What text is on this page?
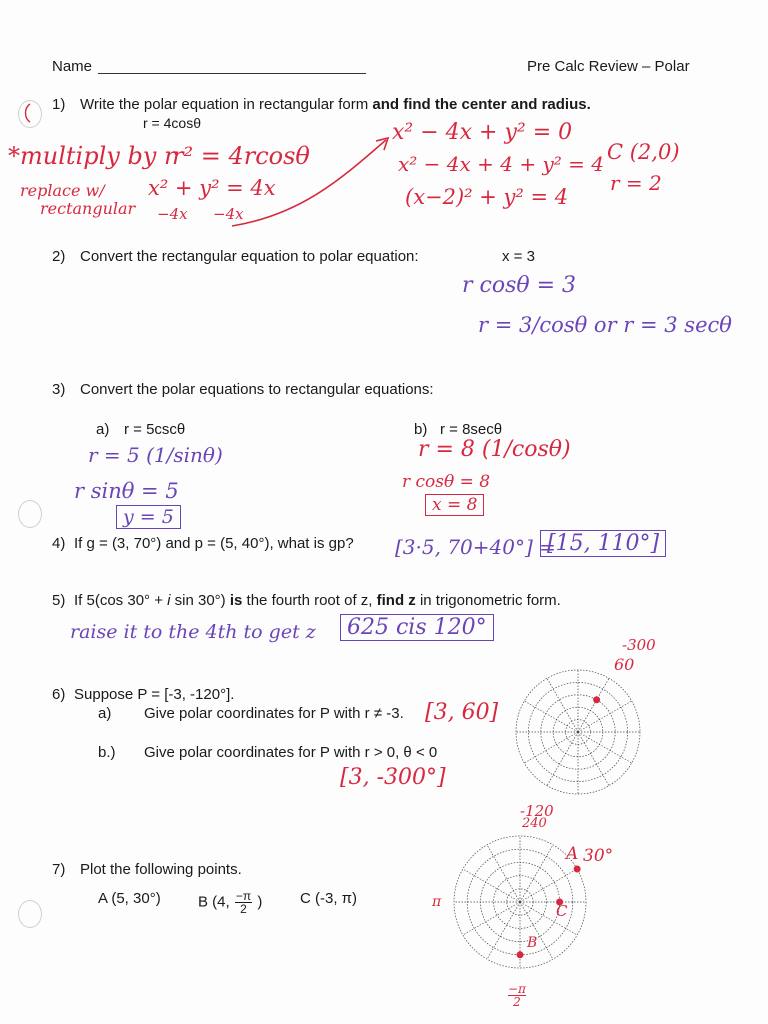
Name	Pre Calc Review – Polar
1) Write the polar equation in rectangular form and find the center and radius.
r = 4cosθ
*multiply by r
r² = 4rcosθ
replace w/
rectangular
x² + y² = 4x
−4x −4x
x² − 4x + y² = 0
x² − 4x + 4 + y² = 4
(x−2)² + y² = 4
C (2,0)
r = 2
2) Convert the rectangular equation to polar equation:	x = 3
r cosθ = 3
r = 3/cosθ or r = 3 secθ
3) Convert the polar equations to rectangular equations:
a) r = 5cscθ	b) r = 8secθ
r = 5 (1/sinθ)
r sinθ = 5
y = 5
r = 8 (1/cosθ)
r cosθ = 8
x = 8
4) If g = (3, 70°) and p = (5, 40°), what is gp? [3·5, 70+40°] =
[15, 110°]
5) If 5(cos 30° + i sin 30°) is the fourth root of z, find z in trigonometric form.
raise it to the 4th to get z	625 cis 120°
6) Suppose P = [-3, -120°].
a) Give polar coordinates for P with r ≠ -3. [3, 60]
b.) Give polar coordinates for P with r > 0, θ < 0
[3, -300°]
-300
60
-120
240
7) Plot the following points.
A (5, 30°) B (4, $\frac{-\pi}{2}$ )	C (-3, π)
A 30°
C
B
π
$\frac{-\pi}{2}$
